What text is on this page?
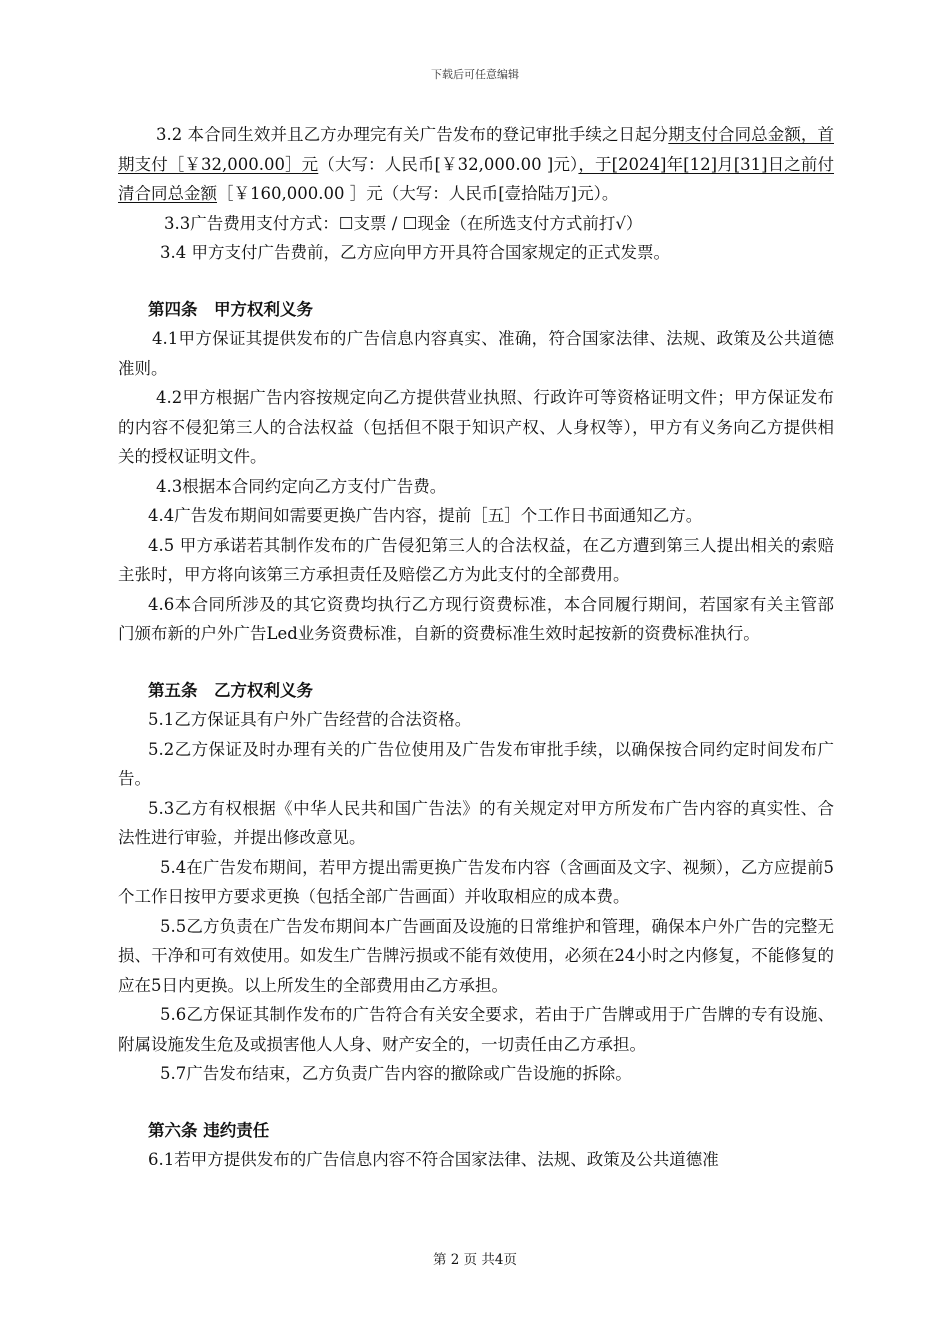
下载后可任意编辑

3.2 本合同生效并且乙方办理完有关广告发布的登记审批手续之日起分期支付合同总金额，首期支付［￥32,000.00］元（大写：人民币[￥32,000.00 ]元），于[2024]年[12]月[31]日之前付清合同总金额［￥160,000.00 ］元（大写：人民币[壹拾陆万]元）。

3.3广告费用支付方式：☐支票 / ☐现金（在所选支付方式前打√）

3.4 甲方支付广告费前，乙方应向甲方开具符合国家规定的正式发票。

第四条　甲方权利义务

4.1甲方保证其提供发布的广告信息内容真实、准确，符合国家法律、法规、政策及公共道德准则。

4.2甲方根据广告内容按规定向乙方提供营业执照、行政许可等资格证明文件；甲方保证发布的内容不侵犯第三人的合法权益（包括但不限于知识产权、人身权等），甲方有义务向乙方提供相关的授权证明文件。

4.3根据本合同约定向乙方支付广告费。

4.4广告发布期间如需要更换广告内容，提前［五］个工作日书面通知乙方。

4.5 甲方承诺若其制作发布的广告侵犯第三人的合法权益，在乙方遭到第三人提出相关的索赔主张时，甲方将向该第三方承担责任及赔偿乙方为此支付的全部费用。

4.6本合同所涉及的其它资费均执行乙方现行资费标准，本合同履行期间，若国家有关主管部门颁布新的户外广告Led业务资费标准，自新的资费标准生效时起按新的资费标准执行。

第五条　乙方权利义务

5.1乙方保证具有户外广告经营的合法资格。

5.2乙方保证及时办理有关的广告位使用及广告发布审批手续，以确保按合同约定时间发布广告。

5.3乙方有权根据《中华人民共和国广告法》的有关规定对甲方所发布广告内容的真实性、合法性进行审验，并提出修改意见。

5.4在广告发布期间，若甲方提出需更换广告发布内容（含画面及文字、视频），乙方应提前5个工作日按甲方要求更换（包括全部广告画面）并收取相应的成本费。

5.5乙方负责在广告发布期间本广告画面及设施的日常维护和管理，确保本户外广告的完整无损、干净和可有效使用。如发生广告牌污损或不能有效使用，必须在24小时之内修复，不能修复的应在5日内更换。以上所发生的全部费用由乙方承担。

5.6乙方保证其制作发布的广告符合有关安全要求，若由于广告牌或用于广告牌的专有设施、附属设施发生危及或损害他人人身、财产安全的，一切责任由乙方承担。

5.7广告发布结束，乙方负责广告内容的撤除或广告设施的拆除。

第六条 违约责任

6.1若甲方提供发布的广告信息内容不符合国家法律、法规、政策及公共道德准

第 2 页 共4页
